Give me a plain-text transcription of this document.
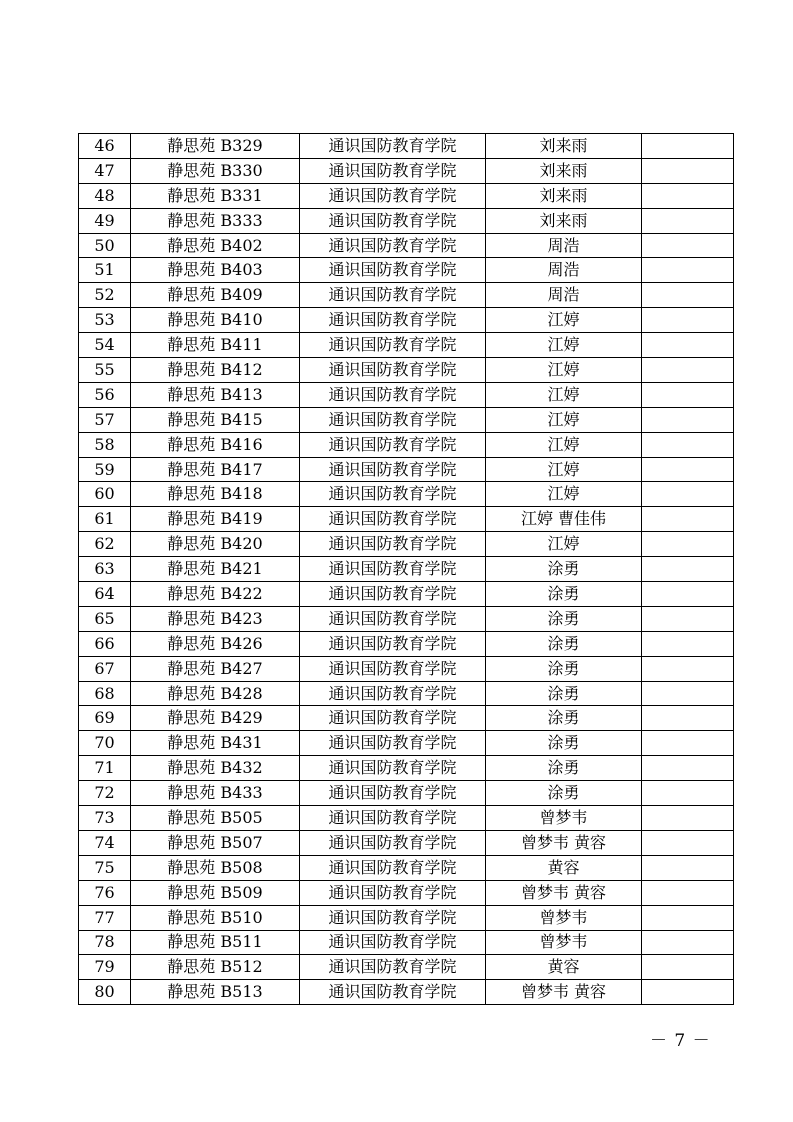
46	静思苑 B329	通识国防教育学院	刘来雨	
47	静思苑 B330	通识国防教育学院	刘来雨	
48	静思苑 B331	通识国防教育学院	刘来雨	
49	静思苑 B333	通识国防教育学院	刘来雨	
50	静思苑 B402	通识国防教育学院	周浩	
51	静思苑 B403	通识国防教育学院	周浩	
52	静思苑 B409	通识国防教育学院	周浩	
53	静思苑 B410	通识国防教育学院	江婷	
54	静思苑 B411	通识国防教育学院	江婷	
55	静思苑 B412	通识国防教育学院	江婷	
56	静思苑 B413	通识国防教育学院	江婷	
57	静思苑 B415	通识国防教育学院	江婷	
58	静思苑 B416	通识国防教育学院	江婷	
59	静思苑 B417	通识国防教育学院	江婷	
60	静思苑 B418	通识国防教育学院	江婷	
61	静思苑 B419	通识国防教育学院	江婷 曹佳伟	
62	静思苑 B420	通识国防教育学院	江婷	
63	静思苑 B421	通识国防教育学院	涂勇	
64	静思苑 B422	通识国防教育学院	涂勇	
65	静思苑 B423	通识国防教育学院	涂勇	
66	静思苑 B426	通识国防教育学院	涂勇	
67	静思苑 B427	通识国防教育学院	涂勇	
68	静思苑 B428	通识国防教育学院	涂勇	
69	静思苑 B429	通识国防教育学院	涂勇	
70	静思苑 B431	通识国防教育学院	涂勇	
71	静思苑 B432	通识国防教育学院	涂勇	
72	静思苑 B433	通识国防教育学院	涂勇	
73	静思苑 B505	通识国防教育学院	曾梦韦	
74	静思苑 B507	通识国防教育学院	曾梦韦 黄容	
75	静思苑 B508	通识国防教育学院	黄容	
76	静思苑 B509	通识国防教育学院	曾梦韦 黄容	
77	静思苑 B510	通识国防教育学院	曾梦韦	
78	静思苑 B511	通识国防教育学院	曾梦韦	
79	静思苑 B512	通识国防教育学院	黄容	
80	静思苑 B513	通识国防教育学院	曾梦韦 黄容	
－ 7 －
